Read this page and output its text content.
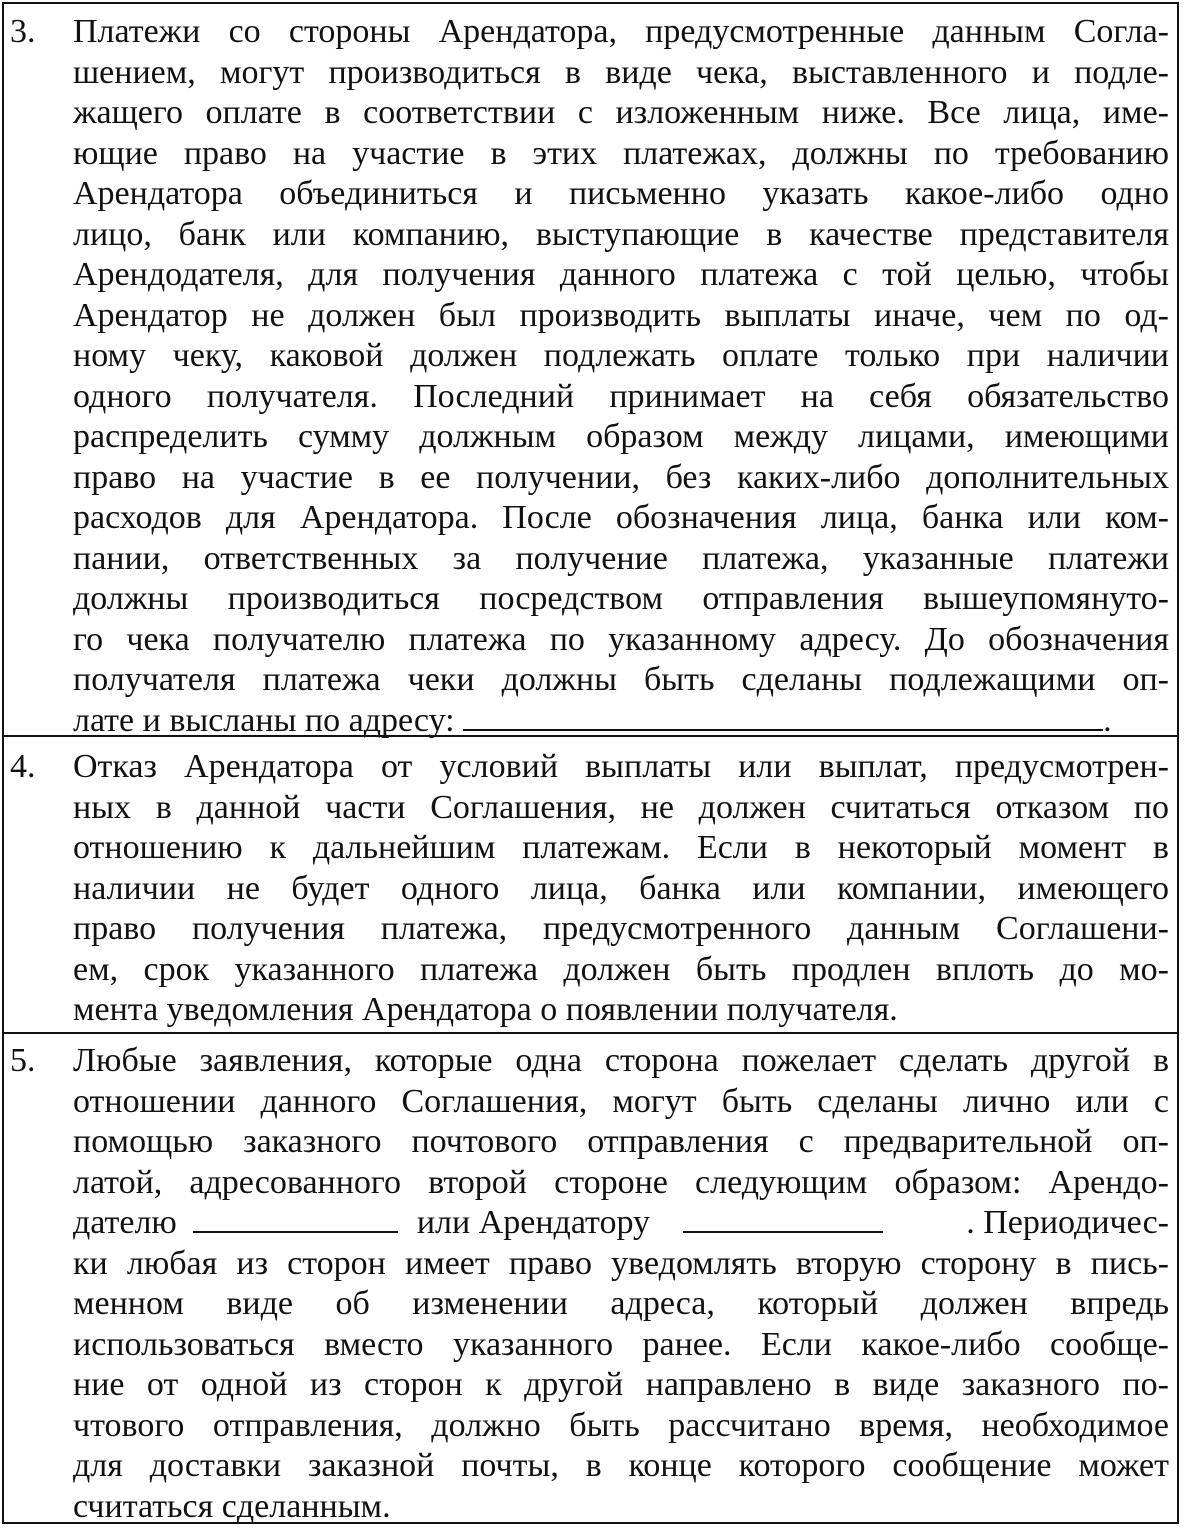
3. Платежи со стороны Арендатора, предусмотренные данным Согла-
шением, могут производиться в виде чека, выставленного и подле-
жащего оплате в соответствии с изложенным ниже. Все лица, име-
ющие право на участие в этих платежах, должны по требованию
Арендатора объединиться и письменно указать какое-либо одно
лицо, банк или компанию, выступающие в качестве представителя
Арендодателя, для получения данного платежа с той целью, чтобы
Арендатор не должен был производить выплаты иначе, чем по од-
ному чеку, каковой должен подлежать оплате только при наличии
одного получателя. Последний принимает на себя обязательство
распределить сумму должным образом между лицами, имеющими
право на участие в ее получении, без каких-либо дополнительных
расходов для Арендатора. После обозначения лица, банка или ком-
пании, ответственных за получение платежа, указанные платежи
должны производиться посредством отправления вышеупомянуто-
го чека получателю платежа по указанному адресу. До обозначения
получателя платежа чеки должны быть сделаны подлежащими оп-
лате и высланы по адресу:	.
4. Отказ Арендатора от условий выплаты или выплат, предусмотрен-
ных в данной части Соглашения, не должен считаться отказом по
отношению к дальнейшим платежам. Если в некоторый момент в
наличии не будет одного лица, банка или компании, имеющего
право получения платежа, предусмотренного данным Соглашени-
ем, срок указанного платежа должен быть продлен вплоть до мо-
мента уведомления Арендатора о появлении получателя.
5. Любые заявления, которые одна сторона пожелает сделать другой в
отношении данного Соглашения, могут быть сделаны лично или с
помощью заказного почтового отправления с предварительной оп-
латой, адресованного второй стороне следующим образом: Арендо-
дателю	или Арендатору	. Периодичес-
ки любая из сторон имеет право уведомлять вторую сторону в пись-
менном виде об изменении адреса, который должен впредь
использоваться вместо указанного ранее. Если какое-либо сообще-
ние от одной из сторон к другой направлено в виде заказного по-
чтового отправления, должно быть рассчитано время, необходимое
для доставки заказной почты, в конце которого сообщение может
считаться сделанным.
